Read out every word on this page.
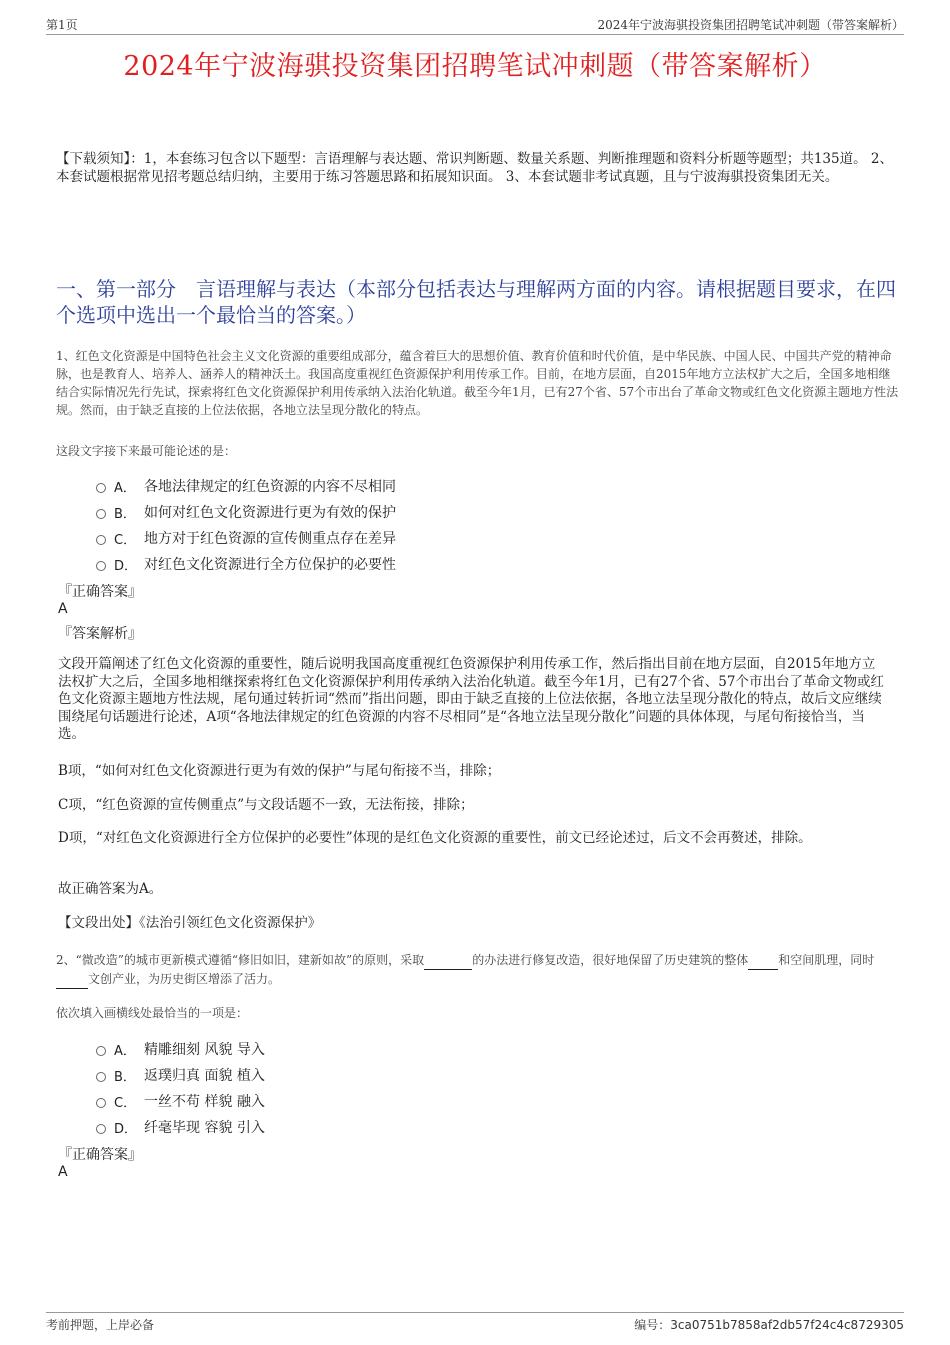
第1页	2024年宁波海骐投资集团招聘笔试冲刺题（带答案解析）
2024年宁波海骐投资集团招聘笔试冲刺题（带答案解析）
【下载须知】：1，本套练习包含以下题型：言语理解与表达题、常识判断题、数量关系题、判断推理题和资料分析题等题型；共135道。 2、本套试题根据常见招考题总结归纳，主要用于练习答题思路和拓展知识面。 3、本套试题非考试真题，且与宁波海骐投资集团无关。
一、第一部分　言语理解与表达（本部分包括表达与理解两方面的内容。请根据题目要求，在四个选项中选出一个最恰当的答案。）
1、红色文化资源是中国特色社会主义文化资源的重要组成部分，蕴含着巨大的思想价值、教育价值和时代价值，是中华民族、中国人民、中国共产党的精神命脉，也是教育人、培养人、涵养人的精神沃土。我国高度重视红色资源保护利用传承工作。目前，在地方层面，自2015年地方立法权扩大之后，全国多地相继结合实际情况先行先试，探索将红色文化资源保护利用传承纳入法治化轨道。截至今年1月，已有27个省、57个市出台了革命文物或红色文化资源主题地方性法规。然而，由于缺乏直接的上位法依据，各地立法呈现分散化的特点。
这段文字接下来最可能论述的是：
A． 各地法律规定的红色资源的内容不尽相同
B． 如何对红色文化资源进行更为有效的保护
C． 地方对于红色资源的宣传侧重点存在差异
D． 对红色文化资源进行全方位保护的必要性
『正确答案』
A
『答案解析』

文段开篇阐述了红色文化资源的重要性，随后说明我国高度重视红色资源保护利用传承工作，然后指出目前在地方层面，自2015年地方立法权扩大之后，全国多地相继探索将红色文化资源保护利用传承纳入法治化轨道。截至今年1月，已有27个省、57个市出台了革命文物或红色文化资源主题地方性法规，尾句通过转折词“然而”指出问题，即由于缺乏直接的上位法依据，各地立法呈现分散化的特点，故后文应继续围绕尾句话题进行论述，A项“各地法律规定的红色资源的内容不尽相同”是“各地立法呈现分散化”问题的具体体现，与尾句衔接恰当，当选。

B项，“如何对红色文化资源进行更为有效的保护”与尾句衔接不当，排除；

C项，“红色资源的宣传侧重点”与文段话题不一致，无法衔接，排除；

D项，“对红色文化资源进行全方位保护的必要性”体现的是红色文化资源的重要性，前文已经论述过，后文不会再赘述，排除。

故正确答案为A。

【文段出处】《法治引领红色文化资源保护》

2、“微改造”的城市更新模式遵循“修旧如旧，建新如故”的原则，采取	的办法进行修复改造，很好地保留了历史建筑的整体	和空间肌理，同时 文创产业，为历史街区增添了活力。
依次填入画横线处最恰当的一项是：
A． 精雕细刻 风貌 导入
B． 返璞归真 面貌 植入
C． 一丝不苟 样貌 融入
D． 纤毫毕现 容貌 引入
『正确答案』
A
考前押题，上岸必备	编号：3ca0751b7858af2db57f24c4c8729305
